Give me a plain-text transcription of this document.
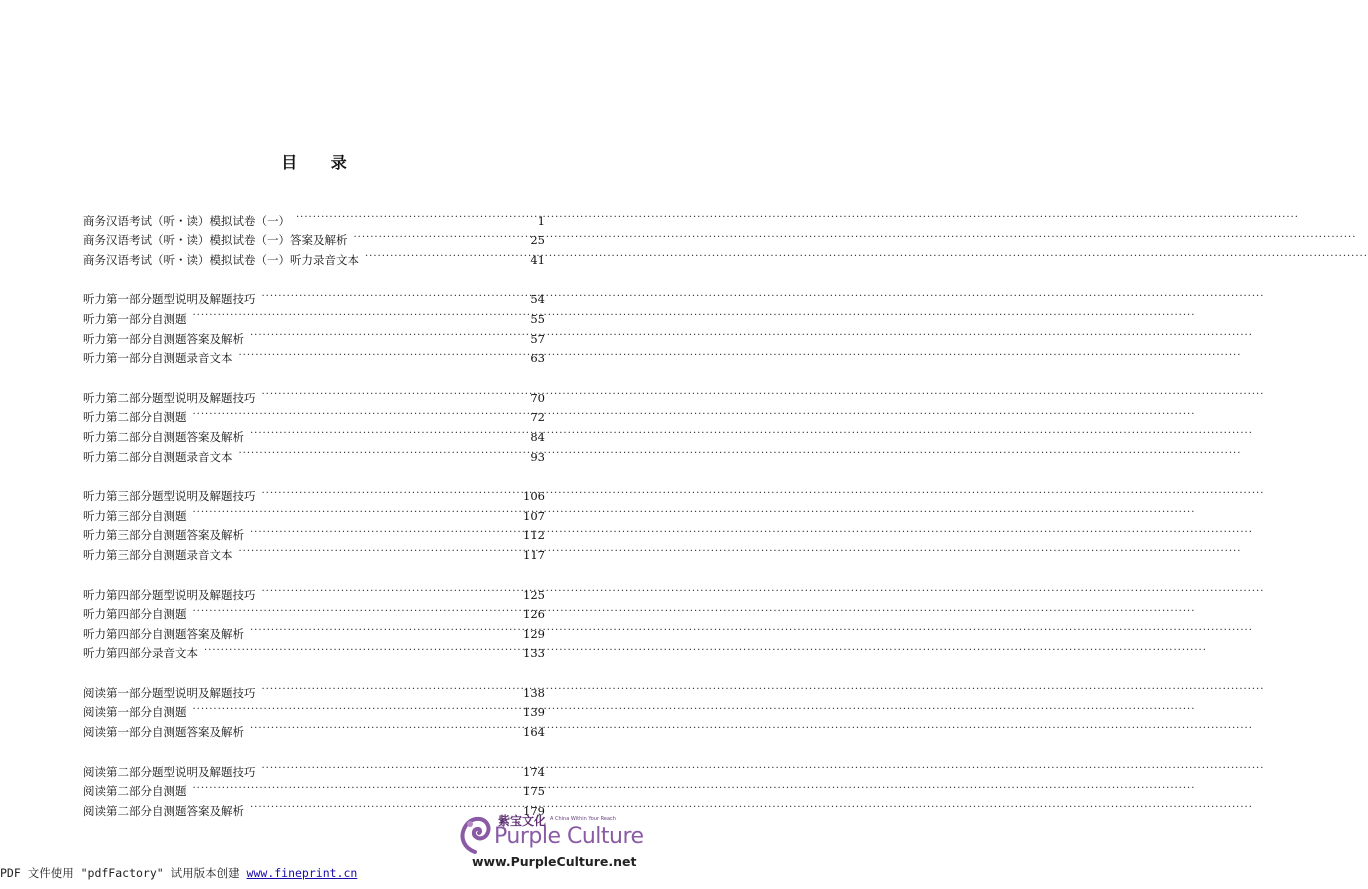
目 录
商务汉语考试（听・读）模拟试卷（一） .....	1
商务汉语考试（听・读）模拟试卷（一）答案及解析 .....	25
商务汉语考试（听・读）模拟试卷（一）听力录音文本 .....	41
听力第一部分题型说明及解题技巧 .....	54
听力第一部分自测题 .....	55
听力第一部分自测题答案及解析 .....	57
听力第一部分自测题录音文本 .....	63
听力第二部分题型说明及解题技巧 .....	70
听力第二部分自测题 .....	72
听力第二部分自测题答案及解析 .....	84
听力第二部分自测题录音文本 .....	93
听力第三部分题型说明及解题技巧 .....	106
听力第三部分自测题 .....	107
听力第三部分自测题答案及解析 .....	112
听力第三部分自测题录音文本 .....	117
听力第四部分题型说明及解题技巧 .....	125
听力第四部分自测题 .....	126
听力第四部分自测题答案及解析 .....	129
听力第四部分录音文本 .....	133
阅读第一部分题型说明及解题技巧 .....	138
阅读第一部分自测题 .....	139
阅读第一部分自测题答案及解析 .....	164
阅读第二部分题型说明及解题技巧 .....	174
阅读第二部分自测题 .....	175
阅读第二部分自测题答案及解析 .....	179
PDF 文件使用 "pdfFactory" 试用版本创建 www.fineprint.cn
紫宝文化 A China Within Your Reach
Purple Culture
www.PurpleCulture.net
